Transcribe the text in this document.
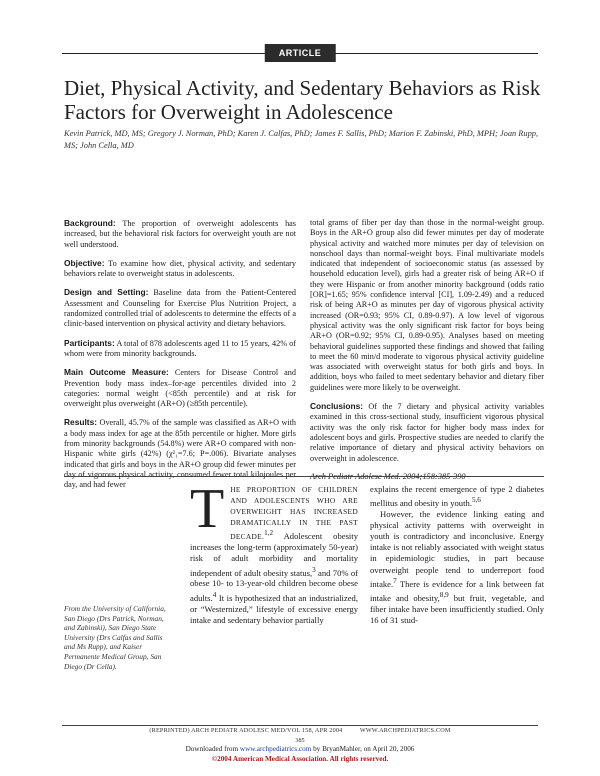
ARTICLE
Diet, Physical Activity, and Sedentary Behaviors as Risk Factors for Overweight in Adolescence
Kevin Patrick, MD, MS; Gregory J. Norman, PhD; Karen J. Calfas, PhD; James F. Sallis, PhD; Marion F. Zabinski, PhD, MPH; Joan Rupp, MS; John Cella, MD

Background: The proportion of overweight adolescents has increased, but the behavioral risk factors for overweight youth are not well understood.

Objective: To examine how diet, physical activity, and sedentary behaviors relate to overweight status in adolescents.

Design and Setting: Baseline data from the Patient-Centered Assessment and Counseling for Exercise Plus Nutrition Project, a randomized controlled trial of adolescents to determine the effects of a clinic-based intervention on physical activity and dietary behaviors.

Participants: A total of 878 adolescents aged 11 to 15 years, 42% of whom were from minority backgrounds.

Main Outcome Measure: Centers for Disease Control and Prevention body mass index–for-age percentiles divided into 2 categories: normal weight (<85th percentile) and at risk for overweight plus overweight (AR+O) (≥85th percentile).

Results: Overall, 45.7% of the sample was classified as AR+O with a body mass index for age at the 85th percentile or higher. More girls from minority backgrounds (54.8%) were AR+O compared with non-Hispanic white girls (42%) (χ²₁=7.6; P=.006). Bivariate analyses indicated that girls and boys in the AR+O group did fewer minutes per day of vigorous physical activity, consumed fewer total kilojoules per day, and had fewer

total grams of fiber per day than those in the normal-weight group. Boys in the AR+O group also did fewer minutes per day of moderate physical activity and watched more minutes per day of television on nonschool days than normal-weight boys. Final multivariate models indicated that independent of socioeconomic status (as assessed by household education level), girls had a greater risk of being AR+O if they were Hispanic or from another minority background (odds ratio [OR]=1.65; 95% confidence interval [CI], 1.09-2.49) and a reduced risk of being AR+O as minutes per day of vigorous physical activity increased (OR=0.93; 95% CI, 0.89-0.97). A low level of vigorous physical activity was the only significant risk factor for boys being AR+O (OR=0.92; 95% CI, 0.89-0.95). Analyses based on meeting behavioral guidelines supported these findings and showed that failing to meet the 60 min/d moderate to vigorous physical activity guideline was associated with overweight status for both girls and boys. In addition, boys who failed to meet sedentary behavior and dietary fiber guidelines were more likely to be overweight.

Conclusions: Of the 7 dietary and physical activity variables examined in this cross-sectional study, insufficient vigorous physical activity was the only risk factor for higher body mass index for adolescent boys and girls. Prospective studies are needed to clarify the relative importance of dietary and physical activity behaviors on overweight in adolescence.

Arch Pediatr Adolesc Med. 2004;158:385-390
From the University of California, San Diego (Drs Patrick, Norman, and Zabinski), San Diego State University (Drs Calfas and Sallis and Ms Rupp), and Kaiser Permanente Medical Group, San Diego (Dr Cella).
THE PROPORTION OF CHILDREN AND ADOLESCENTS WHO ARE OVERWEIGHT HAS INCREASED DRAMATICALLY IN THE PAST DECADE.$^{1,2}$ Adolescent obesity increases the long-term (approximately 50-year) risk of adult morbidity and mortality independent of adult obesity status,$^3$ and 70% of obese 10- to 13-year-old children become obese adults.$^4$ It is hypothesized that an industrialized, or “Westernized,” lifestyle of excessive energy intake and sedentary behavior partially

explains the recent emergence of type 2 diabetes mellitus and obesity in youth.$^{5,6}$

However, the evidence linking eating and physical activity patterns with overweight in youth is contradictory and inconclusive. Energy intake is not reliably associated with weight status in epidemiologic studies, in part because overweight people tend to underreport food intake.$^7$ There is evidence for a link between fat intake and obesity,$^{8,9}$ but fruit, vegetable, and fiber intake have been insufficiently studied. Only 16 of 31 stud-

(REPRINTED) ARCH PEDIATR ADOLESC MED/VOL 158, APR 2004          WWW.ARCHPEDIATRICS.COM
385
Downloaded from www.archpediatrics.com by BryanMahler, on April 20, 2006
©2004 American Medical Association. All rights reserved.
